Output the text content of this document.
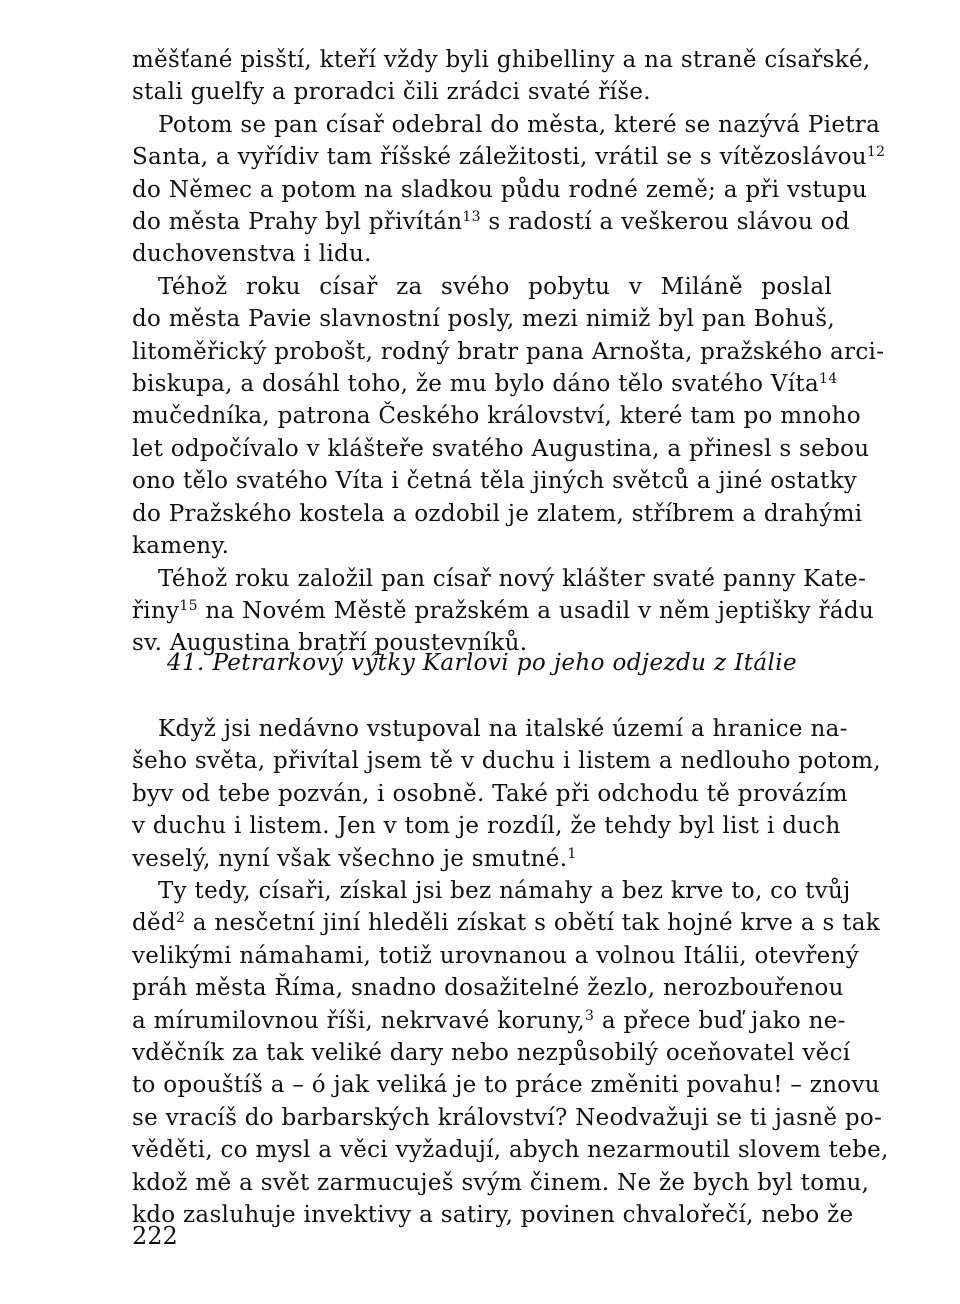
měšťané pisští, kteří vždy byli ghibelliny a na straně císařské,
stali guelfy a proradci čili zrádci svaté říše.
Potom se pan císař odebral do města, které se nazývá Pietra
Santa, a vyřídiv tam říšské záležitosti, vrátil se s vítězoslávou$^{12}$
do Němec a potom na sladkou půdu rodné země; a při vstupu
do města Prahy byl přivítán$^{13}$ s radostí a veškerou slávou od
duchovenstva i lidu.
Téhož roku císař za svého pobytu v Miláně poslal
do města Pavie slavnostní posly, mezi nimiž byl pan Bohuš,
litoměřický probošt, rodný bratr pana Arnošta, pražského arci-
biskupa, a dosáhl toho, že mu bylo dáno tělo svatého Víta$^{14}$
mučedníka, patrona Českého království, které tam po mnoho
let odpočívalo v klášteře svatého Augustina, a přinesl s sebou
ono tělo svatého Víta i četná těla jiných světců a jiné ostatky
do Pražského kostela a ozdobil je zlatem, stříbrem a drahými
kameny.
Téhož roku založil pan císař nový klášter svaté panny Kate-
řiny$^{15}$ na Novém Městě pražském a usadil v něm jeptišky řádu
sv. Augustina bratří poustevníků.
41. Petrarkový výtky Karlovi po jeho odjezdu z Itálie
Když jsi nedávno vstupoval na italské území a hranice na-
šeho světa, přivítal jsem tě v duchu i listem a nedlouho potom,
byv od tebe pozván, i osobně. Také při odchodu tě provázím
v duchu i listem. Jen v tom je rozdíl, že tehdy byl list i duch
veselý, nyní však všechno je smutné.$^1$
Ty tedy, císaři, získal jsi bez námahy a bez krve to, co tvůj
děd$^2$ a nesčetní jiní hleděli získat s obětí tak hojné krve a s tak
velikými námahami, totiž urovnanou a volnou Itálii, otevřený
práh města Říma, snadno dosažitelné žezlo, nerozbouřenou
a mírumilovnou říši, nekrvavé koruny,$^3$ a přece buď jako ne-
vděčník za tak veliké dary nebo nezpůsobilý oceňovatel věcí
to opouštíš a – ó jak veliká je to práce změniti povahu! – znovu
se vracíš do barbarských království? Neodvažuji se ti jasně po-
věděti, co mysl a věci vyžadují, abych nezarmoutil slovem tebe,
kdož mě a svět zarmucuješ svým činem. Ne že bych byl tomu,
kdo zasluhuje invektivy a satiry, povinen chvalořečí, nebo že
222
